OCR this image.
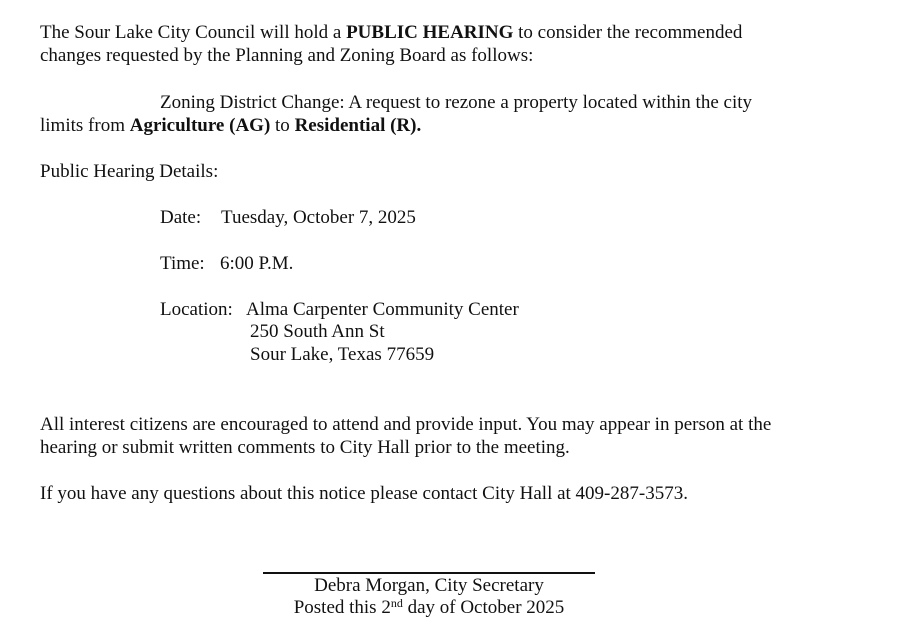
The Sour Lake City Council will hold a PUBLIC HEARING to consider the recommended
changes requested by the Planning and Zoning Board as follows:
Zoning District Change: A request to rezone a property located within the city
limits from Agriculture (AG) to Residential (R).
Public Hearing Details:
Date: Tuesday, October 7, 2025
Time: 6:00 P.M.
Location: Alma Carpenter Community Center
250 South Ann St
Sour Lake, Texas 77659
All interest citizens are encouraged to attend and provide input. You may appear in person at the
hearing or submit written comments to City Hall prior to the meeting.
If you have any questions about this notice please contact City Hall at 409-287-3573.
Debra Morgan, City Secretary
Posted this 2nd day of October 2025
